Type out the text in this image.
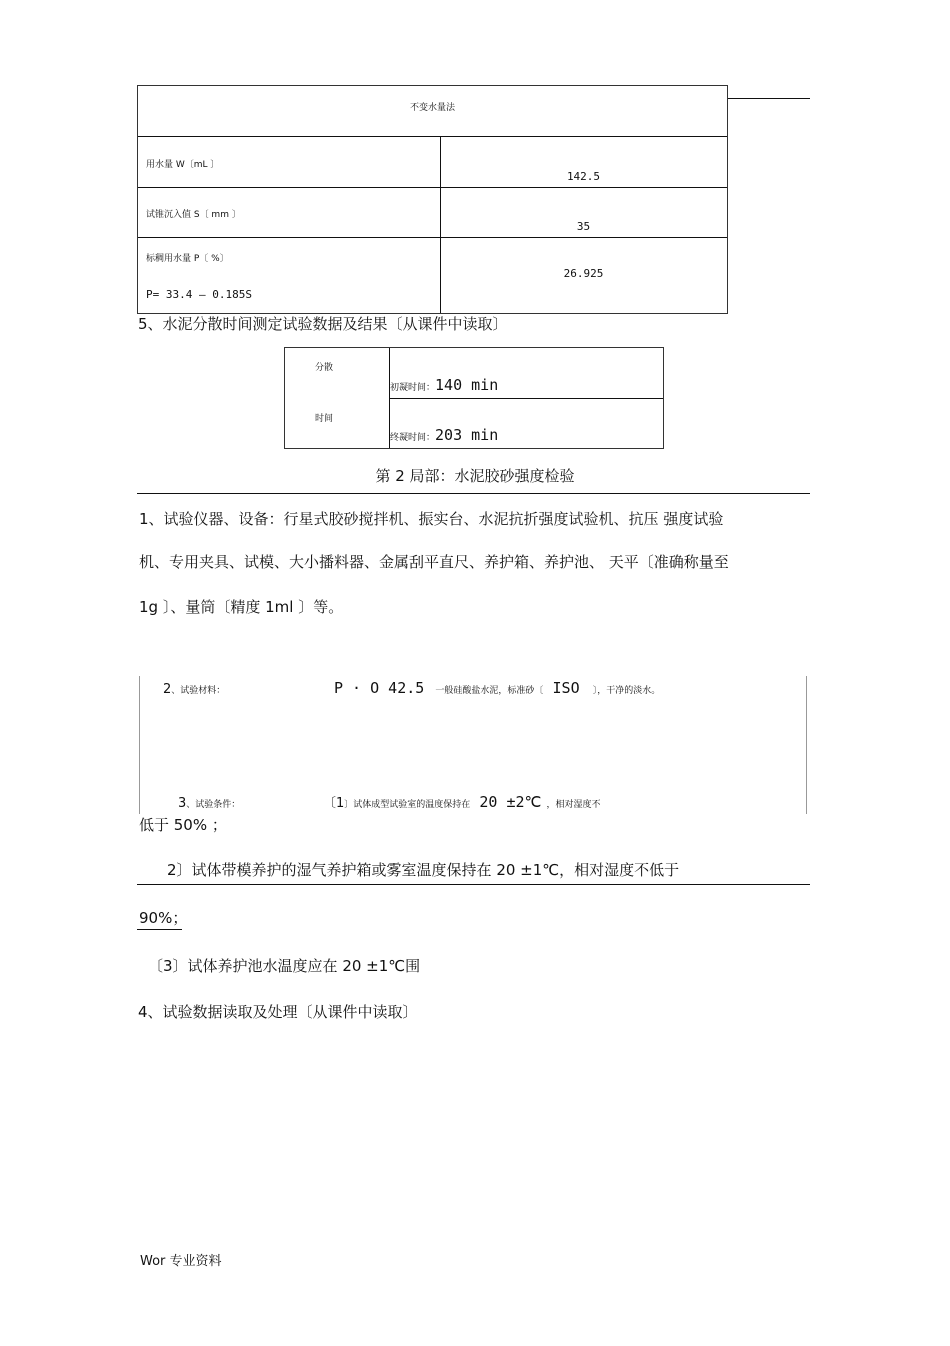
不变水量法
用水量 W〔mL 〕
142.5
试锥沉入值 S〔 mm 〕
35
标稠用水量 P〔 %〕
P= 33.4 — 0.185S
26.925
5、水泥分散时间测定试验数据及结果〔从课件中读取〕
分散
时间
初凝时间：140 min
终凝时间：203 min
第 2 局部：水泥胶砂强度检验
1、试验仪器、设备：行星式胶砂搅拌机、振实台、水泥抗折强度试验机、抗压 强度试验
机、专用夹具、试模、大小播料器、金属刮平直尺、养护箱、养护池、 天平〔准确称量至
1g 〕、量筒〔精度 1ml 〕等。
2、试验材料：	P · O 42.5 一般硅酸盐水泥，标准砂〔 ISO 〕，干净的淡水。
3、试验条件：	〔1〕试体成型试验室的温度保持在 20 ±2℃ ，相对湿度不
低于 50% ；
2〕试体带模养护的湿气养护箱或雾室温度保持在 20 ±1℃，相对湿度不低于
90%；
〔3〕试体养护池水温度应在 20 ±1℃围
4、试验数据读取及处理〔从课件中读取〕
Wor 专业资料
